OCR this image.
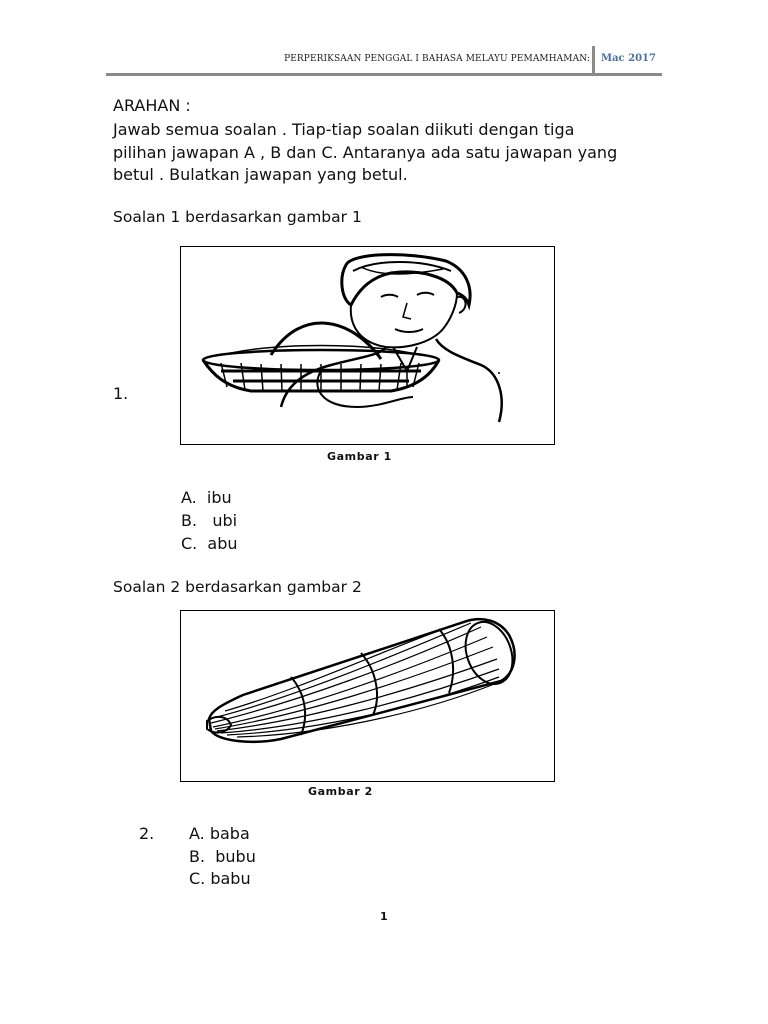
PERPERIKSAAN PENGGAL I BAHASA MELAYU PEMAMHAMAN: Mac 2017
ARAHAN :
Jawab semua soalan . Tiap-tiap soalan diikuti dengan tiga pilihan jawapan A , B dan C. Antaranya ada satu jawapan yang betul . Bulatkan jawapan yang betul.
Soalan 1 berdasarkan gambar 1
1.
Gambar 1
A.  ibu
B.   ubi
C.  abu
Soalan 2 berdasarkan gambar 2
Gambar 2
2. A. baba
B.  bubu
C. babu
1
